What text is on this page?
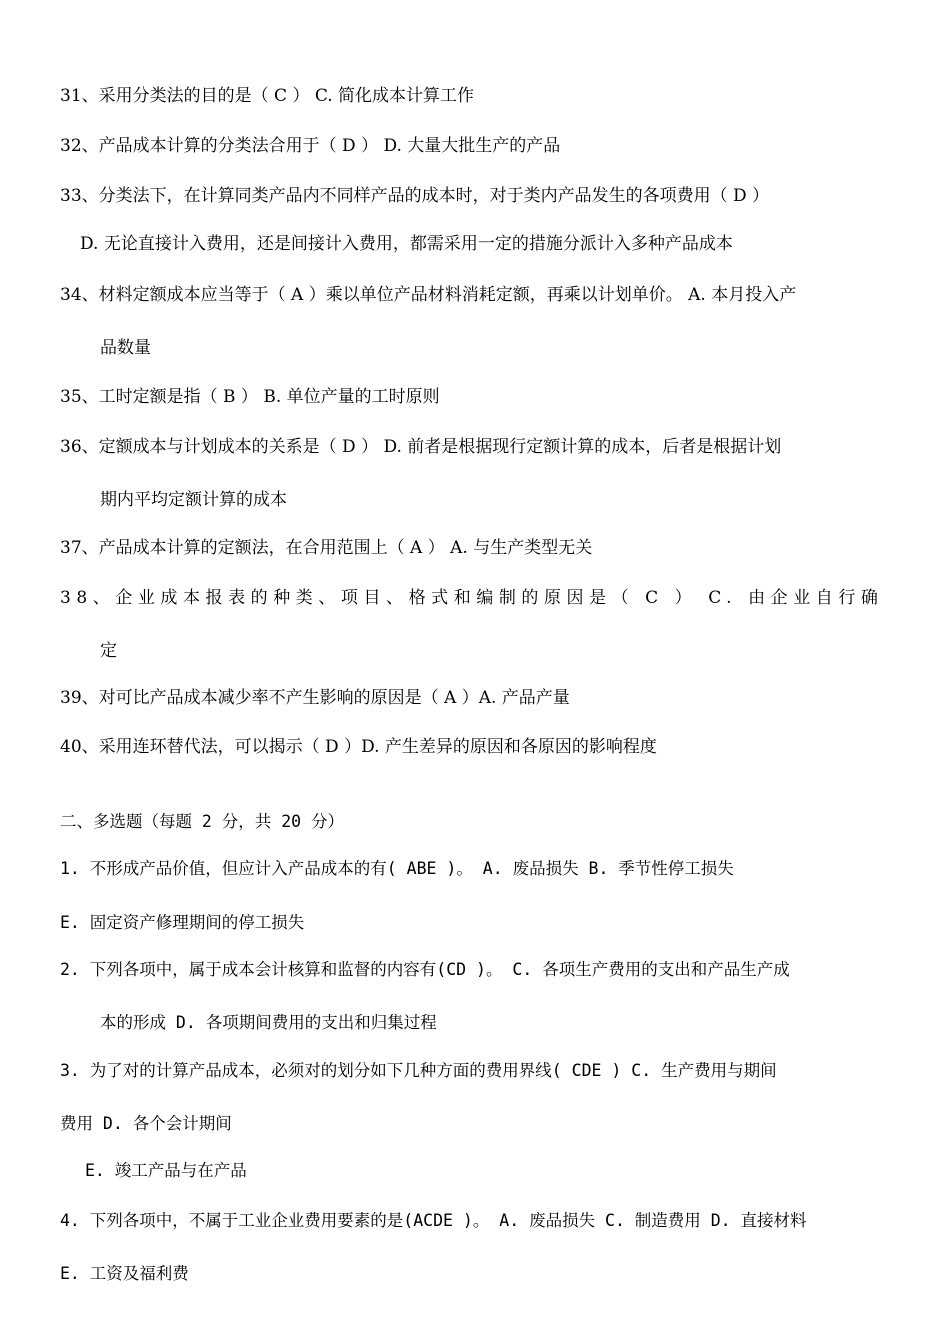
31、采用分类法的目的是（ C ） C. 简化成本计算工作
32、产品成本计算的分类法合用于（ D ） D. 大量大批生产的产品
33、分类法下，在计算同类产品内不同样产品的成本时，对于类内产品发生的各项费用（ D ）
D. 无论直接计入费用，还是间接计入费用，都需采用一定的措施分派计入多种产品成本
34、材料定额成本应当等于（ A ）乘以单位产品材料消耗定额，再乘以计划单价。 A. 本月投入产
品数量
35、工时定额是指（ B ） B. 单位产量的工时原则
36、定额成本与计划成本的关系是（ D ） D. 前者是根据现行定额计算的成本，后者是根据计划
期内平均定额计算的成本
37、产品成本计算的定额法，在合用范围上（ A ） A. 与生产类型无关
38、企业成本报表的种类、项目、格式和编制的原因是（ C ） C. 由企业自行确
定
39、对可比产品成本减少率不产生影响的原因是（ A ）A. 产品产量
40、采用连环替代法，可以揭示（ D ）D. 产生差异的原因和各原因的影响程度
二、多选题（每题 2 分，共 20 分）
1. 不形成产品价值，但应计入产品成本的有( ABE )。 A. 废品损失 B. 季节性停工损失
E. 固定资产修理期间的停工损失
2. 下列各项中，属于成本会计核算和监督的内容有(CD )。 C. 各项生产费用的支出和产品生产成
本的形成 D. 各项期间费用的支出和归集过程
3. 为了对的计算产品成本，必须对的划分如下几种方面的费用界线( CDE ) C. 生产费用与期间
费用 D. 各个会计期间
E. 竣工产品与在产品
4. 下列各项中，不属于工业企业费用要素的是(ACDE )。 A. 废品损失 C. 制造费用 D. 直接材料
E. 工资及福利费
